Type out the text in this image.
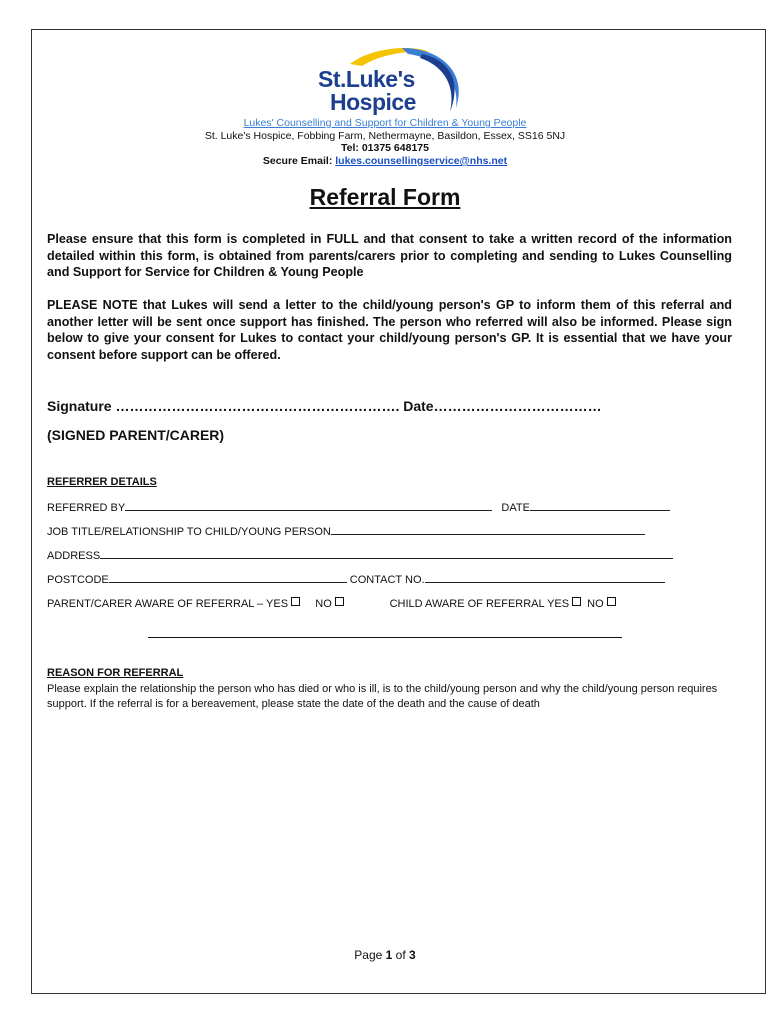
St.Luke's
Hospice
Lukes' Counselling and Support for Children & Young People
St. Luke's Hospice, Fobbing Farm, Nethermayne, Basildon, Essex, SS16 5NJ
Tel: 01375 648175
Secure Email: lukes.counsellingservice@nhs.net
Referral Form
Please ensure that this form is completed in FULL and that consent to take a written record of the information detailed within this form, is obtained from parents/carers prior to completing and sending to Lukes Counselling and Support for Service for Children & Young People
PLEASE NOTE that Lukes will send a letter to the child/young person's GP to inform them of this referral and another letter will be sent once support has finished. The person who referred will also be informed. Please sign below to give your consent for Lukes to contact your child/young person's GP. It is essential that we have your consent before support can be offered.
Signature ……………………………………………………. Date………………………………
(SIGNED PARENT/CARER)
REFERRER DETAILS
REFERRED BY	DATE
JOB TITLE/RELATIONSHIP TO CHILD/YOUNG PERSON
ADDRESS
POSTCODE	CONTACT NO.
PARENT/CARER AWARE OF REFERRAL – YES NO	CHILD AWARE OF REFERRAL YES NO
REASON FOR REFERRAL
Please explain the relationship the person who has died or who is ill, is to the child/young person and why the child/young person requires support. If the referral is for a bereavement, please state the date of the death and the cause of death
Page 1 of 3
